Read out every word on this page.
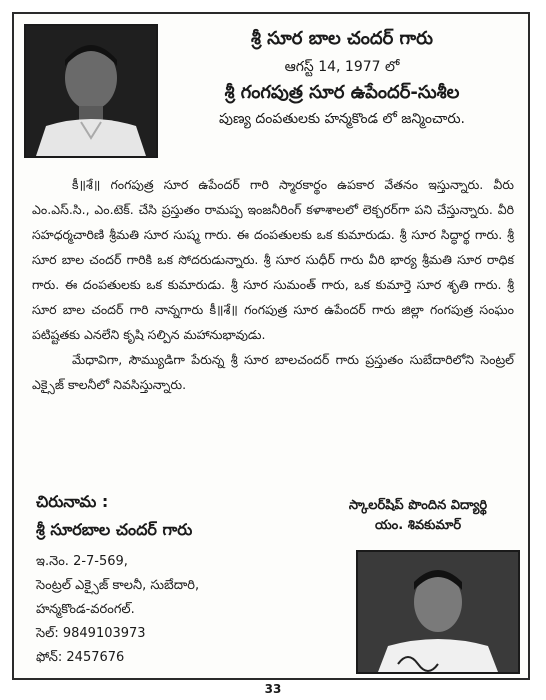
శ్రీ సూర బాల చందర్ గారు
ఆగస్ట్ 14, 1977 లో
శ్రీ గంగపుత్ర సూర ఉపేందర్-సుశీల
పుణ్య దంపతులకు హన్మకొండ లో జన్మించారు.

కీ॥శే॥ గంగపుత్ర సూర ఉపేందర్ గారి స్మారకార్థం ఉపకార వేతనం ఇస్తున్నారు. వీరు ఎం.ఎస్.సి., ఎం.టెక్. చేసి ప్రస్తుతం రామప్ప ఇంజనీరింగ్ కళాశాలలో లెక్చరర్‌గా పని చేస్తున్నారు. వీరి సహధర్మచారిణి శ్రీమతి సూర సుష్మ గారు. ఈ దంపతులకు ఒక కుమారుడు. శ్రీ సూర సిద్ధార్థ గారు. శ్రీ సూర బాల చందర్ గారికి ఒక సోదరుడున్నారు. శ్రీ సూర సుధీర్ గారు వీరి భార్య శ్రీమతి సూర రాధిక గారు. ఈ దంపతులకు ఒక కుమారుడు. శ్రీ సూర సుమంత్ గారు, ఒక కుమార్తె సూర శృతి గారు. శ్రీ సూర బాల చందర్ గారి నాన్నగారు కీ॥శే॥ గంగపుత్ర సూర ఉపేందర్ గారు జిల్లా గంగపుత్ర సంఘం పటిష్టతకు ఎనలేని కృషి సల్పిన మహానుభావుడు.

మేధావిగా, సౌమ్యుడిగా పేరున్న శ్రీ సూర బాలచందర్ గారు ప్రస్తుతం సుబేదారిలోని సెంట్రల్ ఎక్సైజ్ కాలనీలో నివసిస్తున్నారు.

చిరునామ :
శ్రీ సూరబాల చందర్ గారు
ఇ.నెం. 2-7-569,
సెంట్రల్ ఎక్సైజ్ కాలనీ, సుబేదారి,
హన్మకొండ-వరంగల్.
సెల్: 9849103973
ఫోన్: 2457676
స్కాలర్‌షిప్ పొందిన విద్యార్థి
యం. శివకుమార్
33
